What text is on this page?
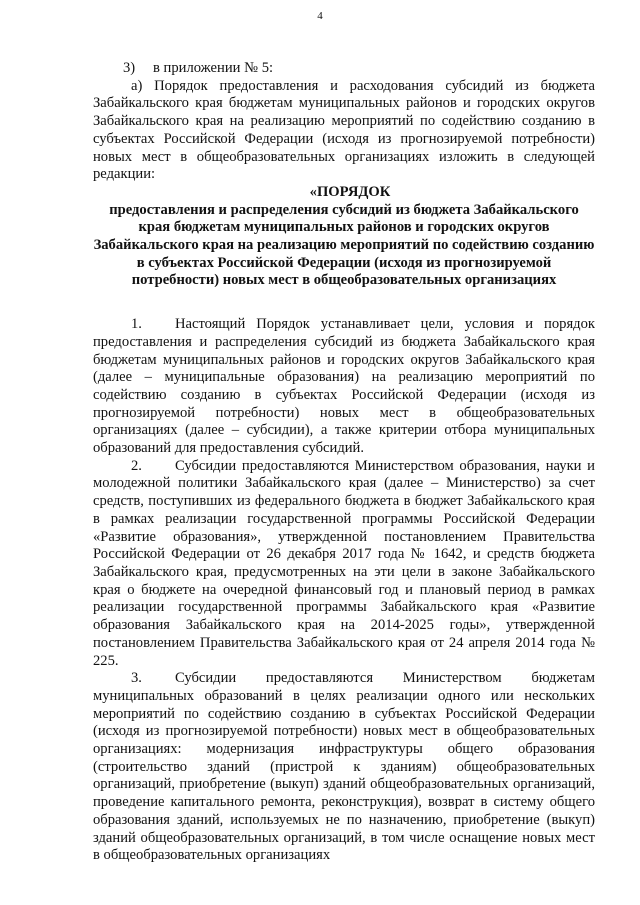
4

3) в приложении № 5:

а) Порядок предоставления и расходования субсидий из бюджета Забайкальского края бюджетам муниципальных районов и городских округов Забайкальского края на реализацию мероприятий по содействию созданию в субъектах Российской Федерации (исходя из прогнозируемой потребности) новых мест в общеобразовательных организациях изложить в следующей редакции:

«ПОРЯДОК

предоставления и распределения субсидий из бюджета Забайкальского края бюджетам муниципальных районов и городских округов Забайкальского края на реализацию мероприятий по содействию созданию в субъектах Российской Федерации (исходя из прогнозируемой потребности) новых мест в общеобразовательных организациях

1. Настоящий Порядок устанавливает цели, условия и порядок предоставления и распределения субсидий из бюджета Забайкальского края бюджетам муниципальных районов и городских округов Забайкальского края (далее – муниципальные образования) на реализацию мероприятий по содействию созданию в субъектах Российской Федерации (исходя из прогнозируемой потребности) новых мест в общеобразовательных организациях (далее – субсидии), а также критерии отбора муниципальных образований для предоставления субсидий.

2. Субсидии предоставляются Министерством образования, науки и молодежной политики Забайкальского края (далее – Министерство) за счет средств, поступивших из федерального бюджета в бюджет Забайкальского края в рамках реализации государственной программы Российской Федерации «Развитие образования», утвержденной постановлением Правительства Российской Федерации от 26 декабря 2017 года № 1642, и средств бюджета Забайкальского края, предусмотренных на эти цели в законе Забайкальского края о бюджете на очередной финансовый год и плановый период в рамках реализации государственной программы Забайкальского края «Развитие образования Забайкальского края на 2014-2025 годы», утвержденной постановлением Правительства Забайкальского края от 24 апреля 2014 года № 225.

3. Субсидии предоставляются Министерством бюджетам муниципальных образований в целях реализации одного или нескольких мероприятий по содействию созданию в субъектах Российской Федерации (исходя из прогнозируемой потребности) новых мест в общеобразовательных организациях: модернизация инфраструктуры общего образования (строительство зданий (пристрой к зданиям) общеобразовательных организаций, приобретение (выкуп) зданий общеобразовательных организаций, проведение капитального ремонта, реконструкция), возврат в систему общего образования зданий, используемых не по назначению, приобретение (выкуп) зданий общеобразовательных организаций, в том числе оснащение новых мест в общеобразовательных организациях
